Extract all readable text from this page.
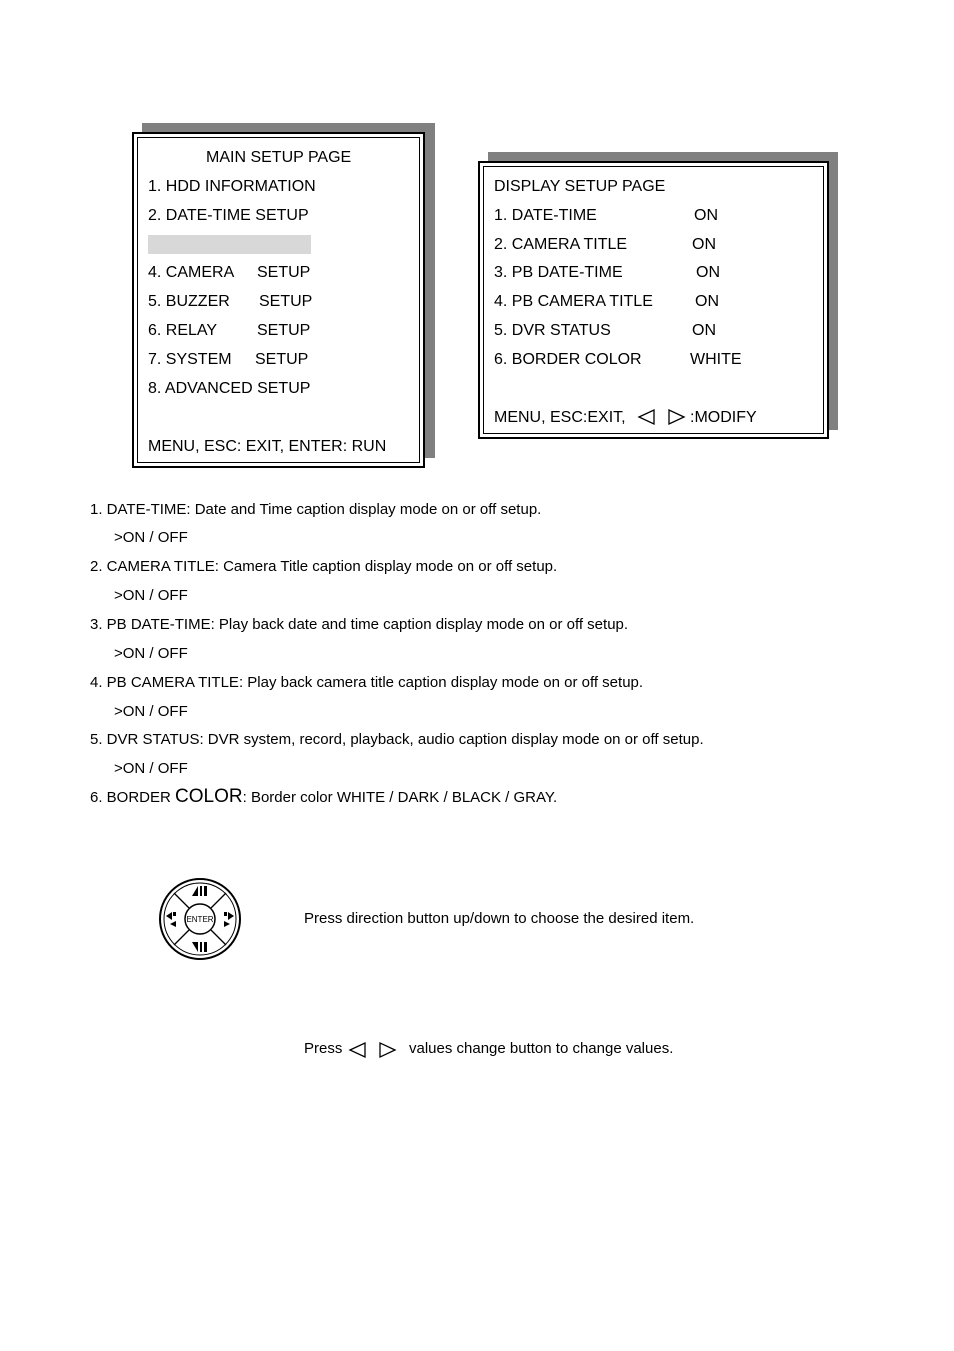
MAIN SETUP PAGE
1. HDD INFORMATION
2. DATE-TIME SETUP
4. CAMERA SETUP
5. BUZZER SETUP
6. RELAY SETUP
7. SYSTEM SETUP
8. ADVANCED SETUP
MENU, ESC: EXIT, ENTER: RUN
DISPLAY SETUP PAGE
1. DATE-TIME	ON
2. CAMERA TITLE	ON
3. PB DATE-TIME	ON
4. PB CAMERA TITLE	ON
5. DVR STATUS	ON
6. BORDER COLOR	WHITE
MENU, ESC:EXIT,	:MODIFY
1. DATE-TIME: Date and Time caption display mode on or off setup.
>ON / OFF
2. CAMERA TITLE: Camera Title caption display mode on or off setup.
>ON / OFF
3. PB DATE-TIME: Play back date and time caption display mode on or off setup.
>ON / OFF
4. PB CAMERA TITLE: Play back camera title caption display mode on or off setup.
>ON / OFF
5. DVR STATUS: DVR system, record, playback, audio caption display mode on or off setup.
>ON / OFF
6. BORDER COLOR: Border color WHITE / DARK / BLACK / GRAY.
ENTER	Press direction button up/down to choose the desired item.
Press	values change button to change values.
